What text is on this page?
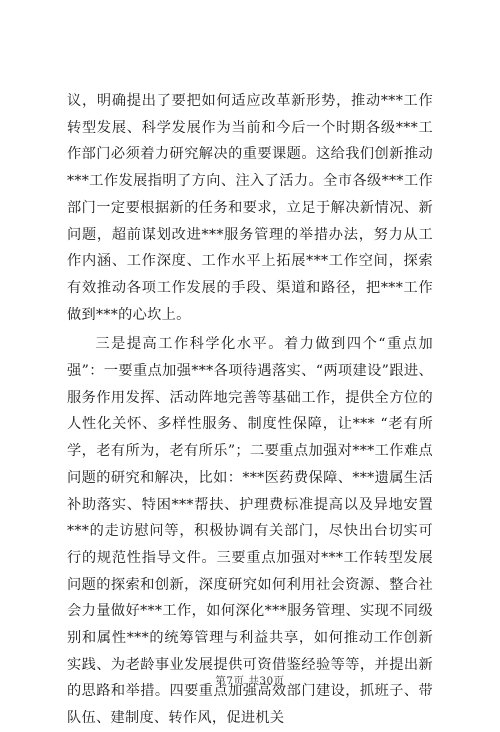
议，明确提出了要把如何适应改革新形势，推动***工作转型发展、科学发展作为当前和今后一个时期各级***工作部门必须着力研究解决的重要课题。这给我们创新推动***工作发展指明了方向、注入了活力。全市各级***工作部门一定要根据新的任务和要求，立足于解决新情况、新问题，超前谋划改进***服务管理的举措办法，努力从工作内涵、工作深度、工作水平上拓展***工作空间，探索有效推动各项工作发展的手段、渠道和路径，把***工作做到***的心坎上。

三是提高工作科学化水平。着力做到四个“重点加强”：一要重点加强***各项待遇落实、“两项建设”跟进、服务作用发挥、活动阵地完善等基础工作，提供全方位的人性化关怀、多样性服务、制度性保障，让*** “老有所学，老有所为，老有所乐”；二要重点加强对***工作难点问题的研究和解决，比如：***医药费保障、***遗属生活补助落实、特困***帮扶、护理费标准提高以及异地安置***的走访慰问等，积极协调有关部门，尽快出台切实可行的规范性指导文件。三要重点加强对***工作转型发展问题的探索和创新，深度研究如何利用社会资源、整合社会力量做好***工作，如何深化***服务管理、实现不同级别和属性***的统筹管理与利益共享，如何推动工作创新实践、为老龄事业发展提供可资借鉴经验等等，并提出新的思路和举措。四要重点加强高效部门建设，抓班子、带队伍、建制度、转作风，促进机关

第7页 共30页
